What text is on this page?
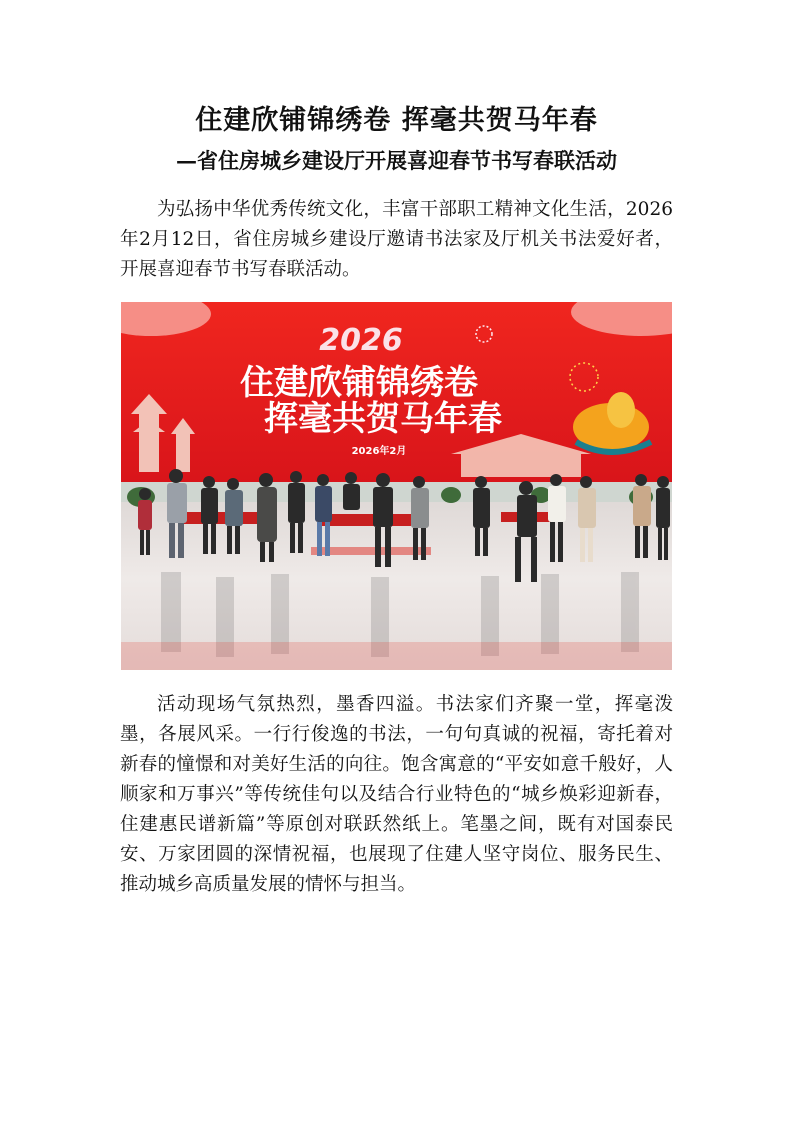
住建欣铺锦绣卷 挥毫共贺马年春
—省住房城乡建设厅开展喜迎春节书写春联活动

为弘扬中华优秀传统文化，丰富干部职工精神文化生活，2026年2月12日，省住房城乡建设厅邀请书法家及厅机关书法爱好者，开展喜迎春节书写春联活动。

2026
住建欣铺锦绣卷
挥毫共贺马年春
2026年2月

活动现场气氛热烈，墨香四溢。书法家们齐聚一堂，挥毫泼墨，各展风采。一行行俊逸的书法，一句句真诚的祝福，寄托着对新春的憧憬和对美好生活的向往。饱含寓意的“平安如意千般好，人顺家和万事兴”等传统佳句以及结合行业特色的“城乡焕彩迎新春，住建惠民谱新篇”等原创对联跃然纸上。笔墨之间，既有对国泰民安、万家团圆的深情祝福，也展现了住建人坚守岗位、服务民生、推动城乡高质量发展的情怀与担当。
